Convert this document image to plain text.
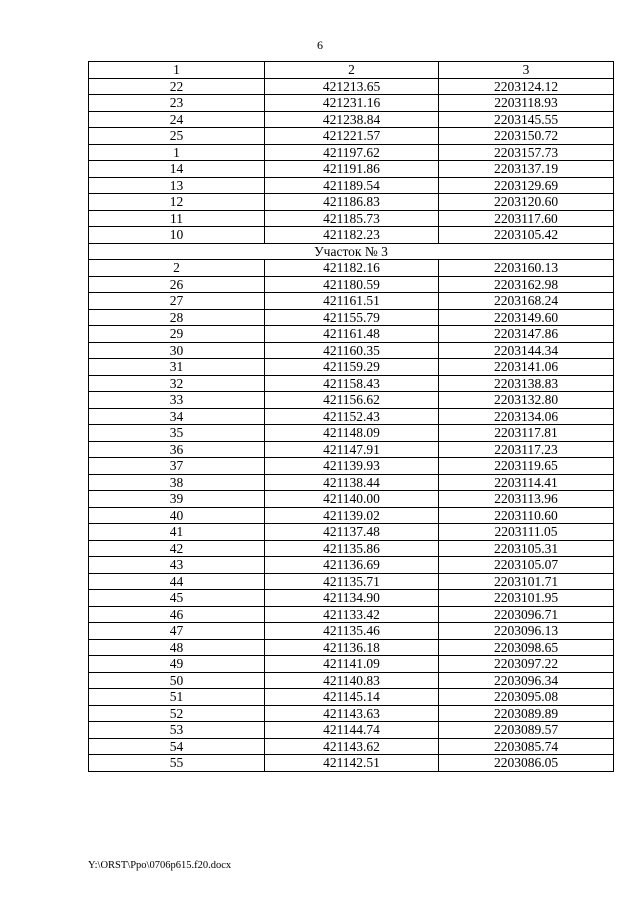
6
1	2	3
22	421213.65	2203124.12
23	421231.16	2203118.93
24	421238.84	2203145.55
25	421221.57	2203150.72
1	421197.62	2203157.73
14	421191.86	2203137.19
13	421189.54	2203129.69
12	421186.83	2203120.60
11	421185.73	2203117.60
10	421182.23	2203105.42
Участок № 3		
2	421182.16	2203160.13
26	421180.59	2203162.98
27	421161.51	2203168.24
28	421155.79	2203149.60
29	421161.48	2203147.86
30	421160.35	2203144.34
31	421159.29	2203141.06
32	421158.43	2203138.83
33	421156.62	2203132.80
34	421152.43	2203134.06
35	421148.09	2203117.81
36	421147.91	2203117.23
37	421139.93	2203119.65
38	421138.44	2203114.41
39	421140.00	2203113.96
40	421139.02	2203110.60
41	421137.48	2203111.05
42	421135.86	2203105.31
43	421136.69	2203105.07
44	421135.71	2203101.71
45	421134.90	2203101.95
46	421133.42	2203096.71
47	421135.46	2203096.13
48	421136.18	2203098.65
49	421141.09	2203097.22
50	421140.83	2203096.34
51	421145.14	2203095.08
52	421143.63	2203089.89
53	421144.74	2203089.57
54	421143.62	2203085.74
55	421142.51	2203086.05
Y:\ORST\Ppo\0706p615.f20.docx
